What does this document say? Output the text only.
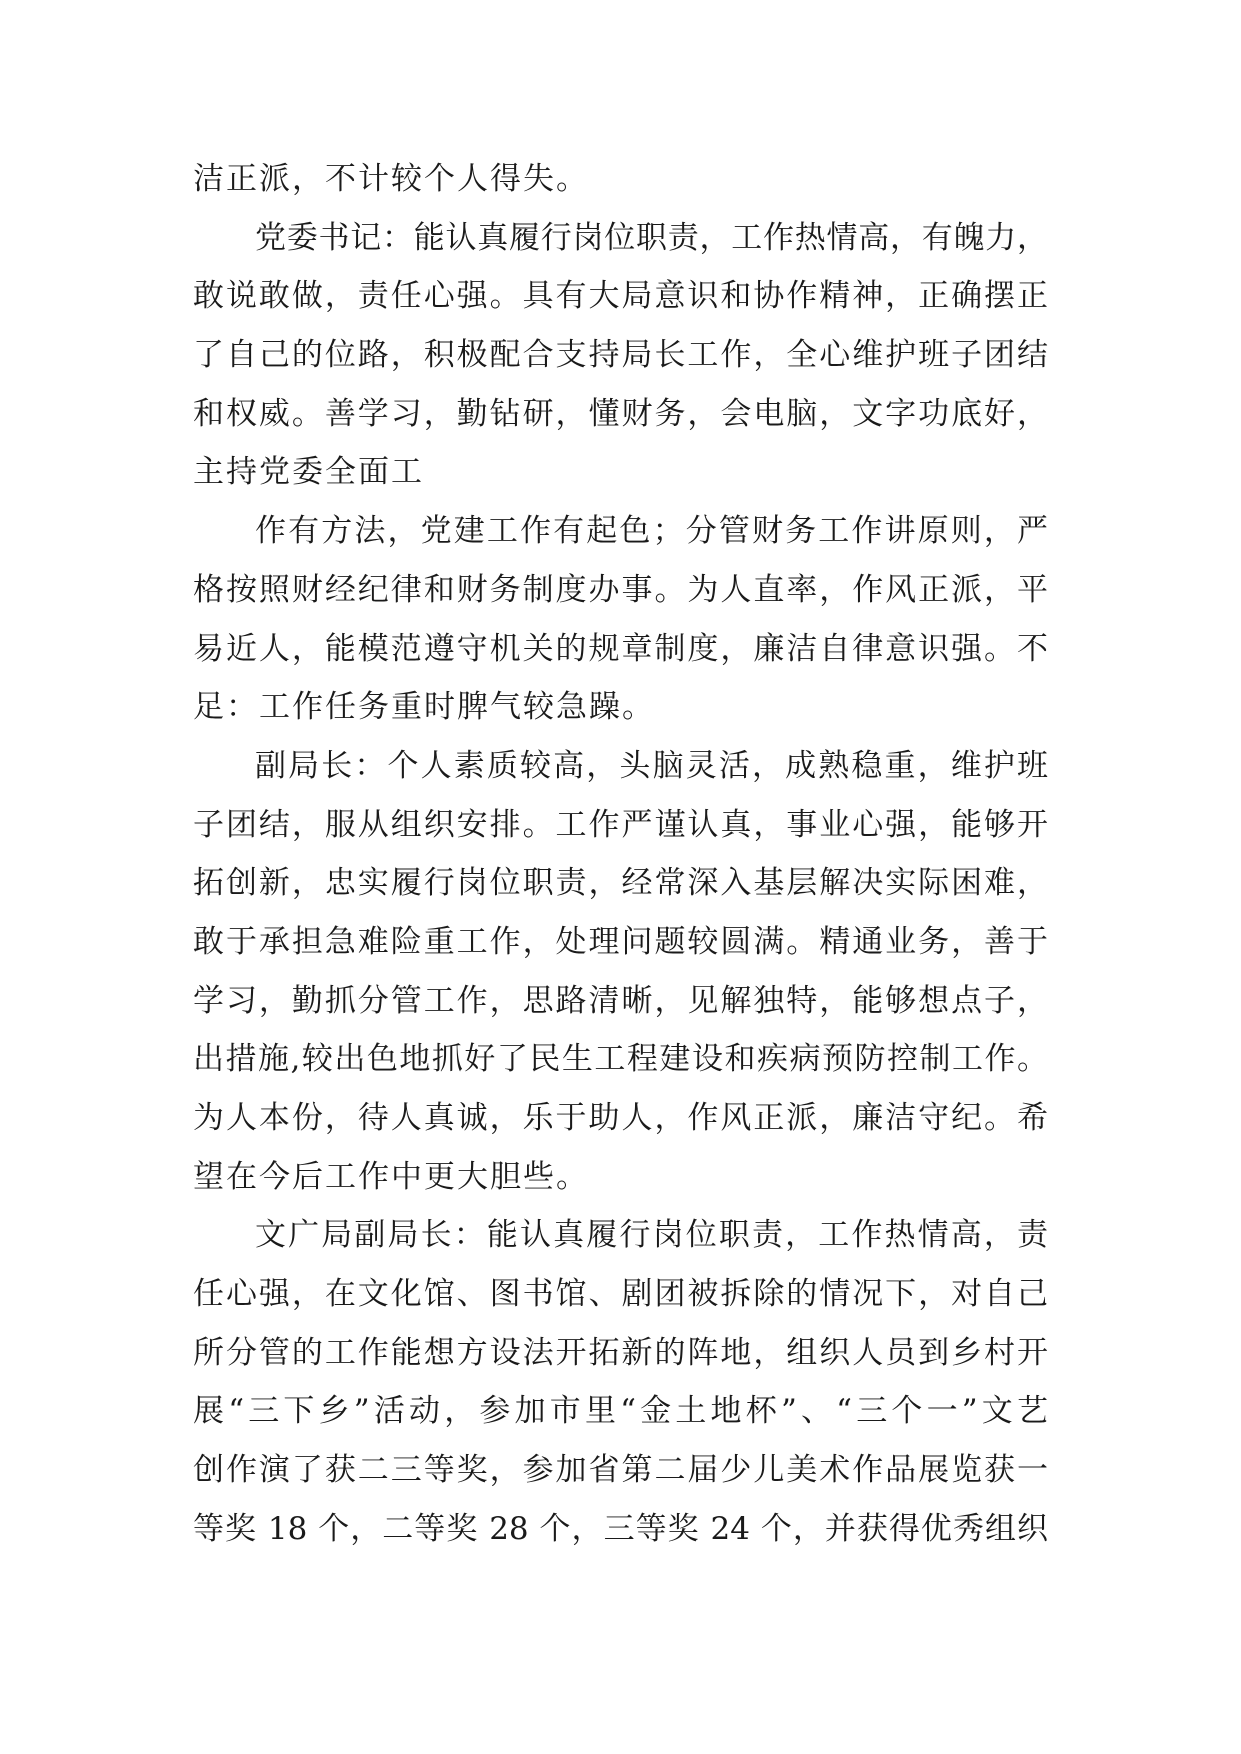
洁正派，不计较个人得失。
党委书记：能认真履行岗位职责，工作热情高，有魄力，
敢说敢做，责任心强。具有大局意识和协作精神，正确摆正
了自己的位路，积极配合支持局长工作，全心维护班子团结
和权威。善学习，勤钻研，懂财务，会电脑，文字功底好，
主持党委全面工
作有方法，党建工作有起色；分管财务工作讲原则，严
格按照财经纪律和财务制度办事。为人直率，作风正派，平
易近人，能模范遵守机关的规章制度，廉洁自律意识强。不
足：工作任务重时脾气较急躁。
副局长：个人素质较高，头脑灵活，成熟稳重，维护班
子团结，服从组织安排。工作严谨认真，事业心强，能够开
拓创新，忠实履行岗位职责，经常深入基层解决实际困难，
敢于承担急难险重工作，处理问题较圆满。精通业务，善于
学习，勤抓分管工作，思路清晰，见解独特，能够想点子，
出措施,较出色地抓好了民生工程建设和疾病预防控制工作。
为人本份，待人真诚，乐于助人，作风正派，廉洁守纪。希
望在今后工作中更大胆些。
文广局副局长：能认真履行岗位职责，工作热情高，责
任心强，在文化馆、图书馆、剧团被拆除的情况下，对自己
所分管的工作能想方设法开拓新的阵地，组织人员到乡村开
展“三下乡”活动，参加市里“金土地杯”、“三个一”文艺
创作演了获二三等奖，参加省第二届少儿美术作品展览获一
等奖 18 个，二等奖 28 个，三等奖 24 个，并获得优秀组织
